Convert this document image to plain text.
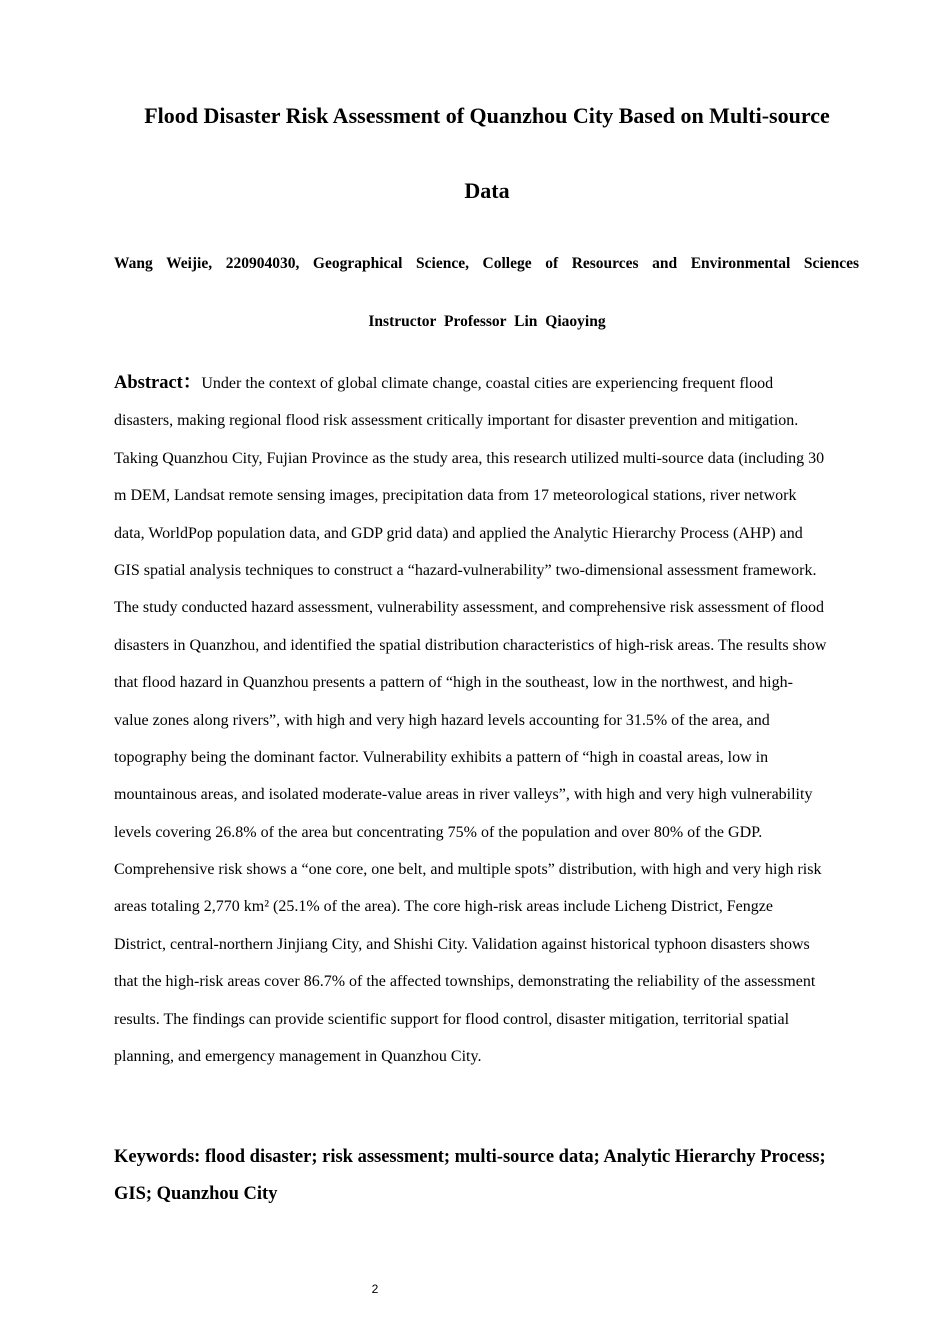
Flood Disaster Risk Assessment of Quanzhou City Based on Multi-source
Data
Wang Weijie, 220904030, Geographical Science, College of Resources and Environmental Sciences
Instructor Professor Lin Qiaoying
Abstract：Under the context of global climate change, coastal cities are experiencing frequent flood
disasters, making regional flood risk assessment critically important for disaster prevention and mitigation.
Taking Quanzhou City, Fujian Province as the study area, this research utilized multi-source data (including 30
m DEM, Landsat remote sensing images, precipitation data from 17 meteorological stations, river network
data, WorldPop population data, and GDP grid data) and applied the Analytic Hierarchy Process (AHP) and
GIS spatial analysis techniques to construct a “hazard-vulnerability” two-dimensional assessment framework.
The study conducted hazard assessment, vulnerability assessment, and comprehensive risk assessment of flood
disasters in Quanzhou, and identified the spatial distribution characteristics of high-risk areas. The results show
that flood hazard in Quanzhou presents a pattern of “high in the southeast, low in the northwest, and high-
value zones along rivers”, with high and very high hazard levels accounting for 31.5% of the area, and
topography being the dominant factor. Vulnerability exhibits a pattern of “high in coastal areas, low in
mountainous areas, and isolated moderate-value areas in river valleys”, with high and very high vulnerability
levels covering 26.8% of the area but concentrating 75% of the population and over 80% of the GDP.
Comprehensive risk shows a “one core, one belt, and multiple spots” distribution, with high and very high risk
areas totaling 2,770 km² (25.1% of the area). The core high-risk areas include Licheng District, Fengze
District, central-northern Jinjiang City, and Shishi City. Validation against historical typhoon disasters shows
that the high-risk areas cover 86.7% of the affected townships, demonstrating the reliability of the assessment
results. The findings can provide scientific support for flood control, disaster mitigation, territorial spatial
planning, and emergency management in Quanzhou City.
Keywords: flood disaster; risk assessment; multi-source data; Analytic Hierarchy Process;
GIS; Quanzhou City
2
